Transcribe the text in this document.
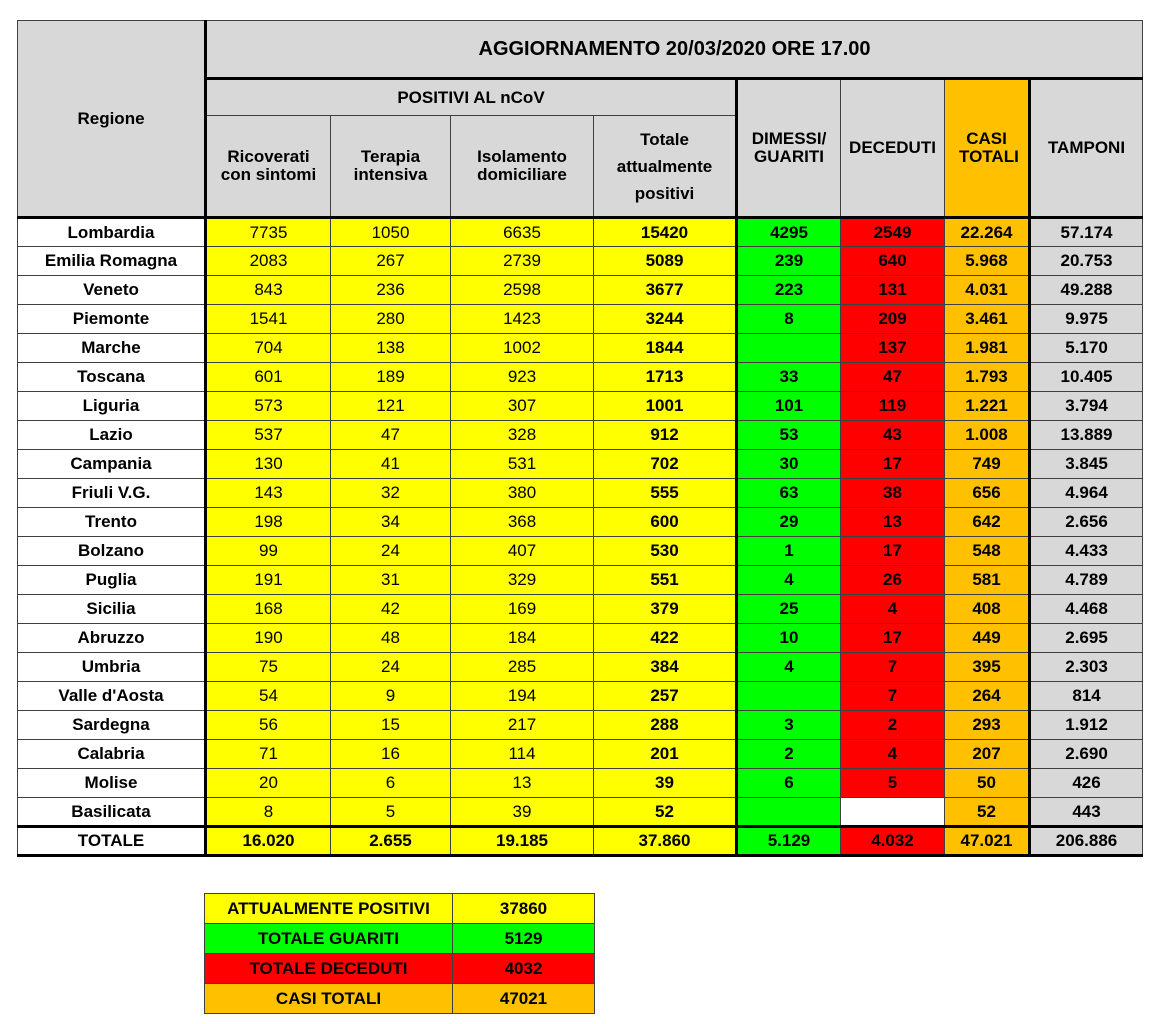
Regione	AGGIORNAMENTO 20/03/2020 ORE 17.00							
	POSITIVI AL nCoV				DIMESSI/ GUARITI	DECEDUTI	CASI TOTALI	TAMPONI
	Ricoverati con sintomi	Terapia intensiva	Isolamento domiciliare	Totale attualmente positivi				
Lombardia	7735	1050	6635	15420	4295	2549	22.264	57.174
Emilia Romagna	2083	267	2739	5089	239	640	5.968	20.753
Veneto	843	236	2598	3677	223	131	4.031	49.288
Piemonte	1541	280	1423	3244	8	209	3.461	9.975
Marche	704	138	1002	1844		137	1.981	5.170
Toscana	601	189	923	1713	33	47	1.793	10.405
Liguria	573	121	307	1001	101	119	1.221	3.794
Lazio	537	47	328	912	53	43	1.008	13.889
Campania	130	41	531	702	30	17	749	3.845
Friuli V.G.	143	32	380	555	63	38	656	4.964
Trento	198	34	368	600	29	13	642	2.656
Bolzano	99	24	407	530	1	17	548	4.433
Puglia	191	31	329	551	4	26	581	4.789
Sicilia	168	42	169	379	25	4	408	4.468
Abruzzo	190	48	184	422	10	17	449	2.695
Umbria	75	24	285	384	4	7	395	2.303
Valle d'Aosta	54	9	194	257		7	264	814
Sardegna	56	15	217	288	3	2	293	1.912
Calabria	71	16	114	201	2	4	207	2.690
Molise	20	6	13	39	6	5	50	426
Basilicata	8	5	39	52			52	443
TOTALE	16.020	2.655	19.185	37.860	5.129	4.032	47.021	206.886
ATTUALMENTE POSITIVI	37860
TOTALE GUARITI	5129
TOTALE DECEDUTI	4032
CASI TOTALI	47021
